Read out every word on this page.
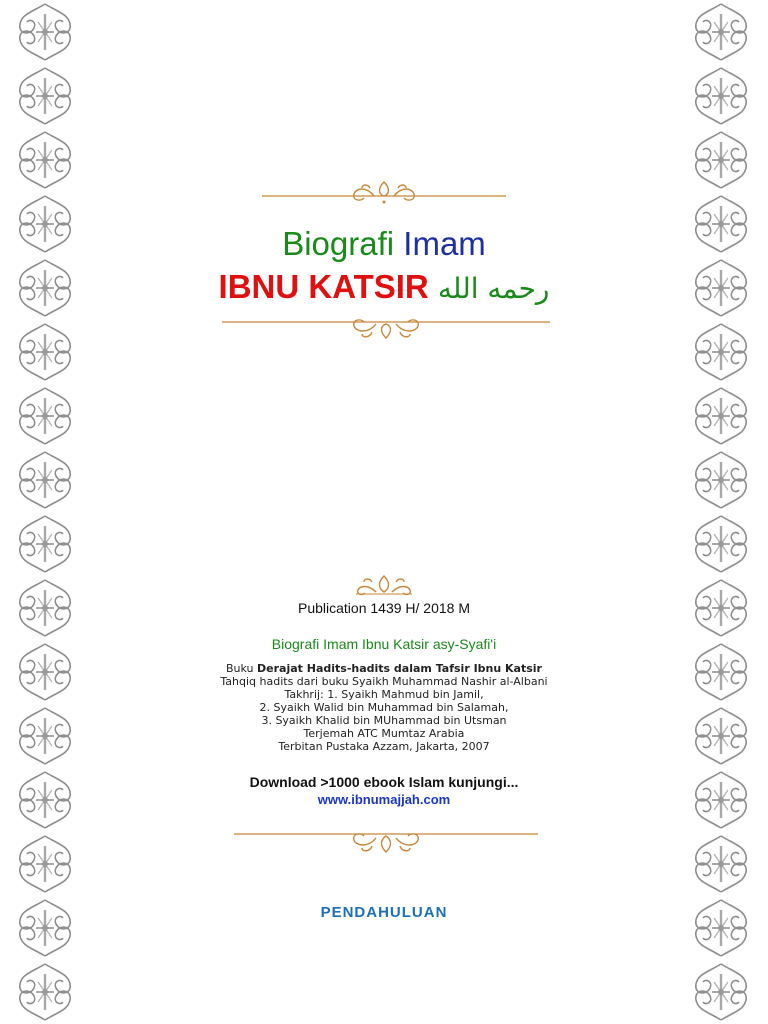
Biografi Imam
IBNU KATSIR رحمه الله
Publication 1439 H/ 2018 M
Biografi Imam Ibnu Katsir asy-Syafi'i
Buku Derajat Hadits-hadits dalam Tafsir Ibnu Katsir
Tahqiq hadits dari buku Syaikh Muhammad Nashir al-Albani
Takhrij: 1. Syaikh Mahmud bin Jamil,
2. Syaikh Walid bin Muhammad bin Salamah,
3. Syaikh Khalid bin MUhammad bin Utsman
Terjemah ATC Mumtaz Arabia
Terbitan Pustaka Azzam, Jakarta, 2007
Download >1000 ebook Islam kunjungi...
www.ibnumajjah.com
PENDAHULUAN
